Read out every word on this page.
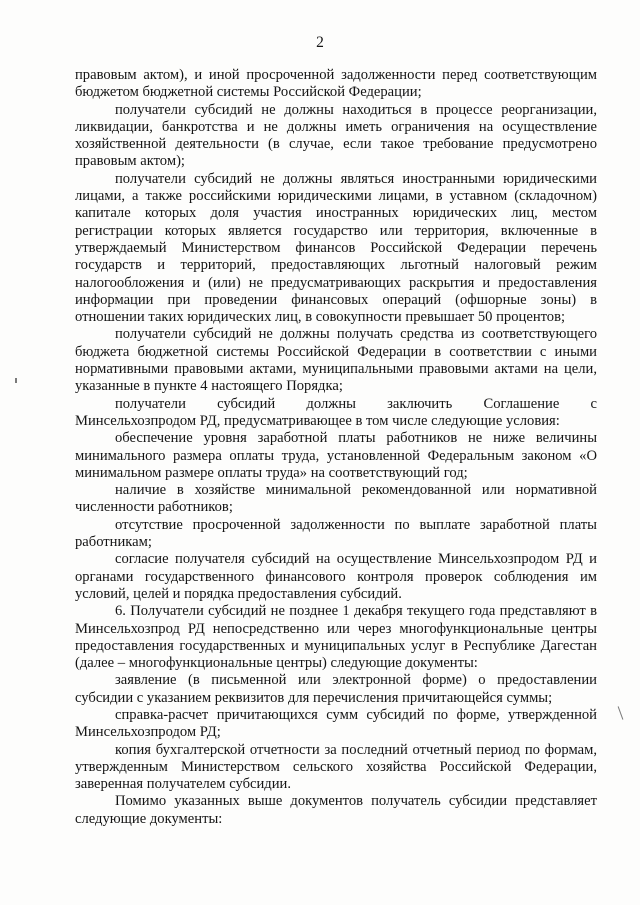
2

правовым актом), и иной просроченной задолженности перед соответствующим бюджетом бюджетной системы Российской Федерации;

получатели субсидий не должны находиться в процессе реорганизации, ликвидации, банкротства и не должны иметь ограничения на осуществление хозяйственной деятельности (в случае, если такое требование предусмотрено правовым актом);

получатели субсидий не должны являться иностранными юридическими лицами, а также российскими юридическими лицами, в уставном (складочном) капитале которых доля участия иностранных юридических лиц, местом регистрации которых является государство или территория, включенные в утверждаемый Министерством финансов Российской Федерации перечень государств и территорий, предоставляющих льготный налоговый режим налогообложения и (или) не предусматривающих раскрытия и предоставления информации при проведении финансовых операций (офшорные зоны) в отношении таких юридических лиц, в совокупности превышает 50 процентов;

получатели субсидий не должны получать средства из соответствующего бюджета бюджетной системы Российской Федерации в соответствии с иными нормативными правовыми актами, муниципальными правовыми актами на цели, указанные в пункте 4 настоящего Порядка;

получатели субсидий должны заключить Соглашение с

Минсельхозпродом РД, предусматривающее в том числе следующие условия:

обеспечение уровня заработной платы работников не ниже величины минимального размера оплаты труда, установленной Федеральным законом «О минимальном размере оплаты труда» на соответствующий год;

наличие в хозяйстве минимальной рекомендованной или нормативной численности работников;

отсутствие просроченной задолженности по выплате заработной платы работникам;

согласие получателя субсидий на осуществление Минсельхозпродом РД и органами государственного финансового контроля проверок соблюдения им условий, целей и порядка предоставления субсидий.

6. Получатели субсидий не позднее 1 декабря текущего года представляют в Минсельхозпрод РД непосредственно или через многофункциональные центры предоставления государственных и муниципальных услуг в Республике Дагестан (далее – многофункциональные центры) следующие документы:

заявление (в письменной или электронной форме) о предоставлении субсидии с указанием реквизитов для перечисления причитающейся суммы;

справка-расчет причитающихся сумм субсидий по форме, утвержденной Минсельхозпродом РД;

копия бухгалтерской отчетности за последний отчетный период по формам, утвержденным Министерством сельского хозяйства Российской Федерации, заверенная получателем субсидии.

Помимо указанных выше документов получатель субсидии представляет следующие документы:
